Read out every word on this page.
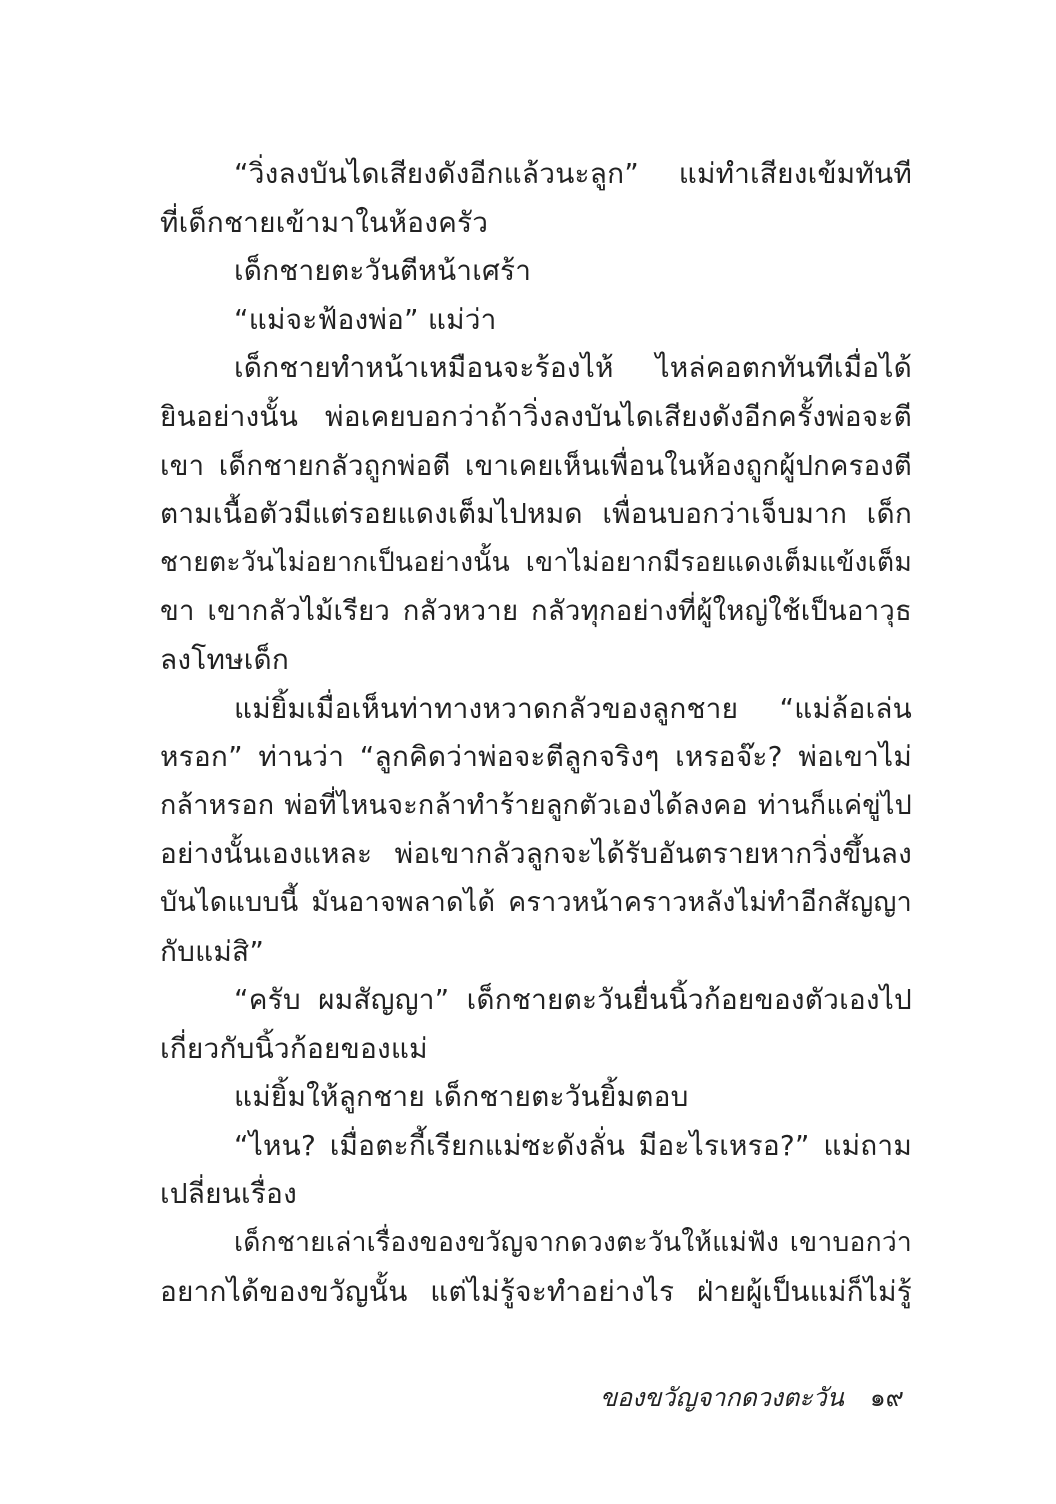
“วิ่งลงบันไดเสียงดังอีกแล้วนะลูก” แม่ทำเสียงเข้มทันที
ที่เด็กชายเข้ามาในห้องครัว
เด็กชายตะวันตีหน้าเศร้า
“แม่จะฟ้องพ่อ” แม่ว่า
เด็กชายทำหน้าเหมือนจะร้องไห้ ไหล่คอตกทันทีเมื่อได้
ยินอย่างนั้น พ่อเคยบอกว่าถ้าวิ่งลงบันไดเสียงดังอีกครั้งพ่อจะตี
เขา เด็กชายกลัวถูกพ่อตี เขาเคยเห็นเพื่อนในห้องถูกผู้ปกครองตี
ตามเนื้อตัวมีแต่รอยแดงเต็มไปหมด เพื่อนบอกว่าเจ็บมาก เด็ก
ชายตะวันไม่อยากเป็นอย่างนั้น เขาไม่อยากมีรอยแดงเต็มแข้งเต็ม
ขา เขากลัวไม้เรียว กลัวหวาย กลัวทุกอย่างที่ผู้ใหญ่ใช้เป็นอาวุธ
ลงโทษเด็ก
แม่ยิ้มเมื่อเห็นท่าทางหวาดกลัวของลูกชาย “แม่ล้อเล่น
หรอก” ท่านว่า “ลูกคิดว่าพ่อจะตีลูกจริงๆ เหรอจ๊ะ? พ่อเขาไม่
กล้าหรอก พ่อที่ไหนจะกล้าทำร้ายลูกตัวเองได้ลงคอ ท่านก็แค่ขู่ไป
อย่างนั้นเองแหละ พ่อเขากลัวลูกจะได้รับอันตรายหากวิ่งขึ้นลง
บันไดแบบนี้ มันอาจพลาดได้ คราวหน้าคราวหลังไม่ทำอีกสัญญา
กับแม่สิ”
“ครับ ผมสัญญา” เด็กชายตะวันยื่นนิ้วก้อยของตัวเองไป
เกี่ยวกับนิ้วก้อยของแม่
แม่ยิ้มให้ลูกชาย เด็กชายตะวันยิ้มตอบ
“ไหน? เมื่อตะกี้เรียกแม่ซะดังลั่น มีอะไรเหรอ?” แม่ถาม
เปลี่ยนเรื่อง
เด็กชายเล่าเรื่องของขวัญจากดวงตะวันให้แม่ฟัง เขาบอกว่า
อยากได้ของขวัญนั้น แต่ไม่รู้จะทำอย่างไร ฝ่ายผู้เป็นแม่ก็ไม่รู้
ของขวัญจากดวงตะวัน ๑๙
